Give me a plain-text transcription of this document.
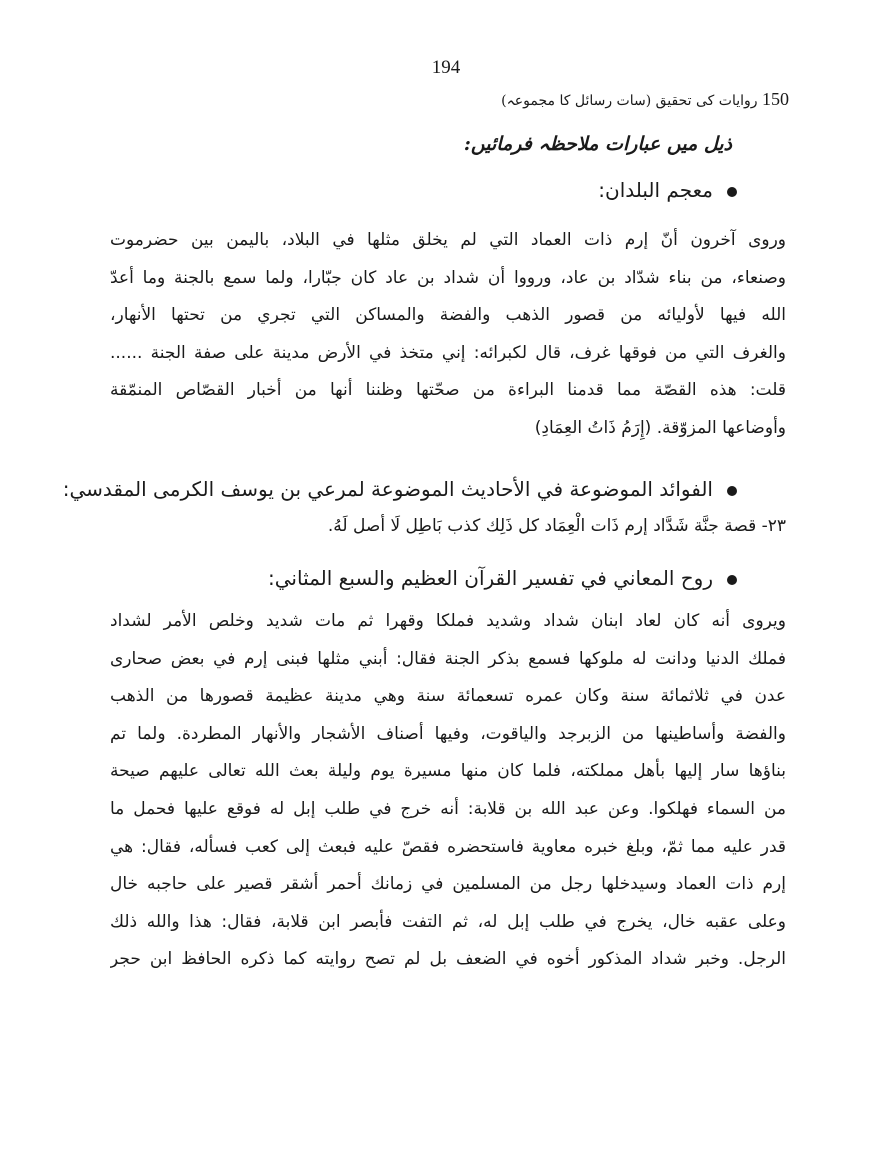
194
150 روایات کی تحقیق (سات رسائل کا مجموعہ)
ذیل میں عبارات ملاحظہ فرمائیں:
معجم البلدان:
وروى آخرون أنّ إرم ذات العماد التي لم يخلق مثلها في البلاد، باليمن بين حضرموت
وصنعاء، من بناء شدّاد بن عاد، ورووا أن شداد بن عاد كان جبّارا، ولما سمع بالجنة وما أعدّ
الله فيها لأوليائه من قصور الذهب والفضة والمساكن التي تجري من تحتها الأنهار،
والغرف التي من فوقها غرف، قال لكبرائه: إني متخذ في الأرض مدينة على صفة الجنة ......
قلت: هذه القصّة مما قدمنا البراءة من صحّتها وظننا أنها من أخبار القصّاص المنمّقة
وأوضاعها المزوّقة. (إِرَمُ ذَاتُ العِمَادِ)
الفوائد الموضوعة في الأحاديث الموضوعة لمرعي بن يوسف الكرمى المقدسي:
٢٣- قصة جنَّة شَدَّاد إرم ذَات الْعِمَاد كل ذَلِك كذب بَاطِل لَا أصل لَهُ.
روح المعاني في تفسير القرآن العظيم والسبع المثاني:
ويروى أنه كان لعاد ابنان شداد وشديد فملكا وقهرا ثم مات شديد وخلص الأمر لشداد
فملك الدنيا ودانت له ملوكها فسمع بذكر الجنة فقال: أبني مثلها فبنى إرم في بعض صحارى
عدن في ثلاثمائة سنة وكان عمره تسعمائة سنة وهي مدينة عظيمة قصورها من الذهب
والفضة وأساطينها من الزبرجد والياقوت، وفيها أصناف الأشجار والأنهار المطردة. ولما تم
بناؤها سار إليها بأهل مملكته، فلما كان منها مسيرة يوم وليلة بعث الله تعالى عليهم صيحة
من السماء فهلكوا. وعن عبد الله بن قلابة: أنه خرج في طلب إبل له فوقع عليها فحمل ما
قدر عليه مما ثمّ، وبلغ خبره معاوية فاستحضره فقصّ عليه فبعث إلى كعب فسأله، فقال: هي
إرم ذات العماد وسيدخلها رجل من المسلمين في زمانك أحمر أشقر قصير على حاجبه خال
وعلى عقبه خال، يخرج في طلب إبل له، ثم التفت فأبصر ابن قلابة، فقال: هذا والله ذلك
الرجل. وخبر شداد المذكور أخوه في الضعف بل لم تصح روايته كما ذكره الحافظ ابن حجر
